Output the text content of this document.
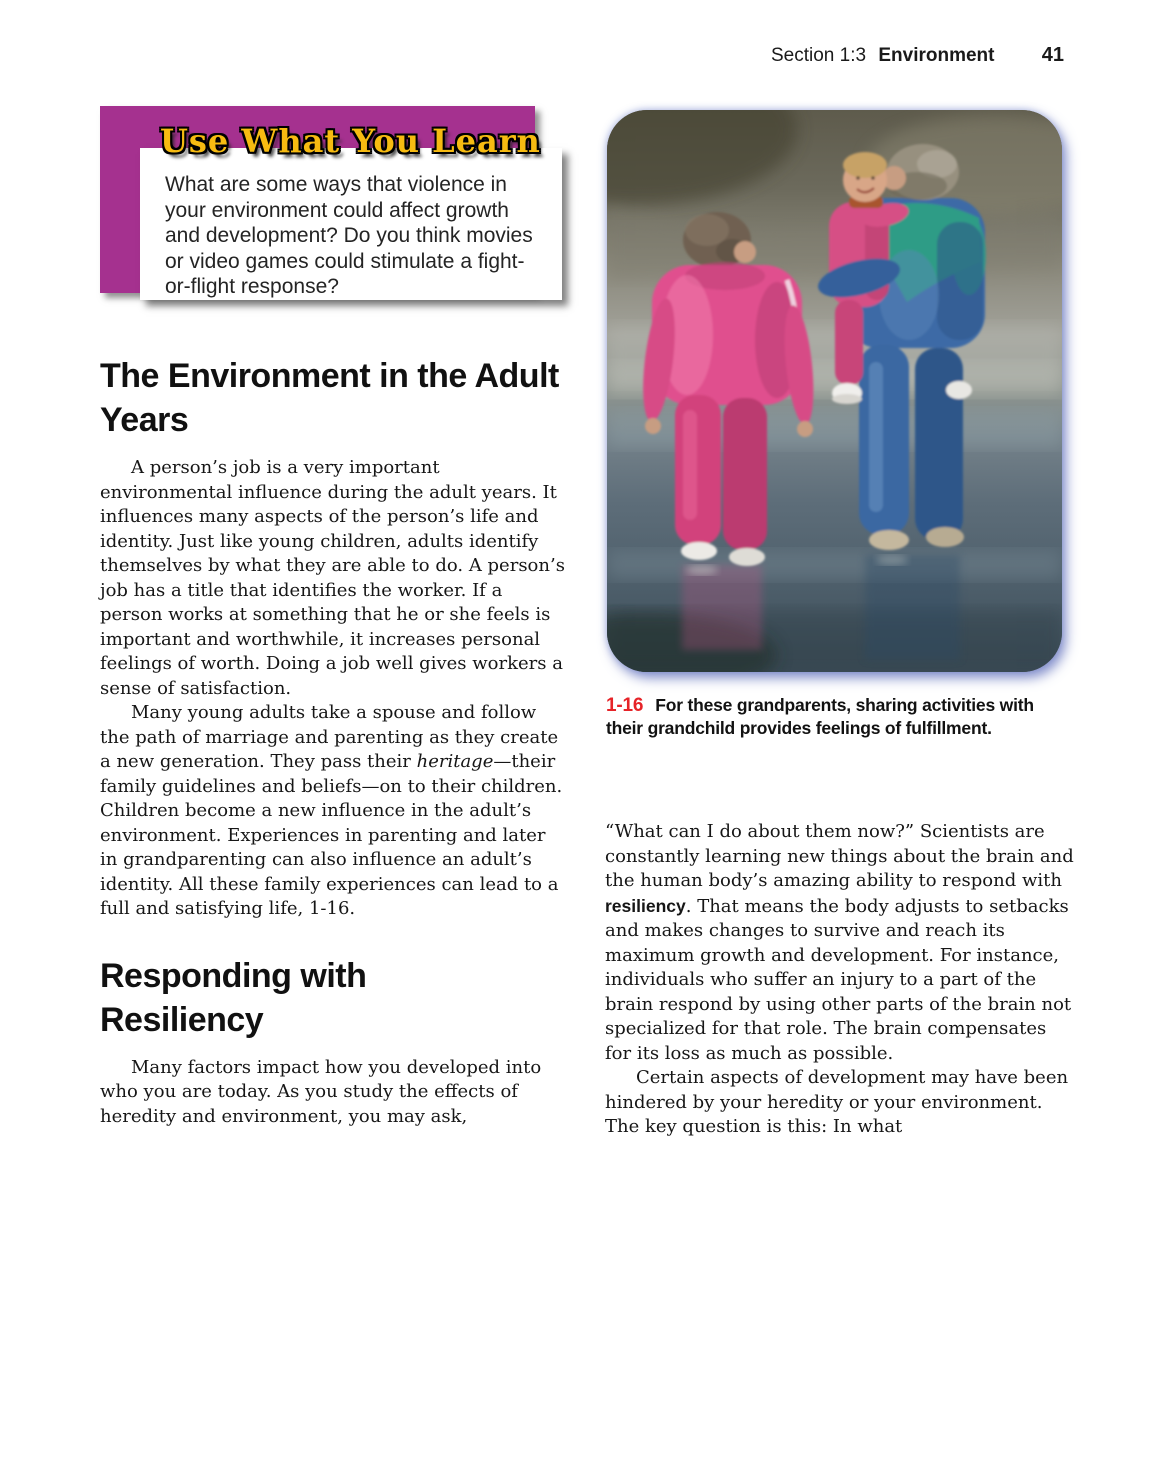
Section 1:3 Environment 41

What are some ways that violence in your environment could affect growth and development? Do you think movies or video games could stimulate a fight-or-flight response?

Use What You Learn
The Environment in the Adult Years

A person’s job is a very important environmental influence during the adult years. It influences many aspects of the person’s life and identity. Just like young children, adults identify themselves by what they are able to do. A person’s job has a title that identifies the worker. If a person works at something that he or she feels is important and worthwhile, it increases personal feelings of worth. Doing a job well gives workers a sense of satisfaction.

Many young adults take a spouse and follow the path of marriage and parenting as they create a new generation. They pass their heritage—their family guidelines and beliefs—on to their children. Children become a new influence in the adult’s environment. Experiences in parenting and later in grandparenting can also influence an adult’s identity. All these family experiences can lead to a full and satisfying life, 1-16.

Responding with Resiliency

Many factors impact how you developed into who you are today. As you study the effects of heredity and environment, you may ask,

1-16 For these grandparents, sharing activities with their grandchild provides feelings of fulfillment.

“What can I do about them now?” Scientists are constantly learning new things about the brain and the human body’s amazing ability to respond with resiliency. That means the body adjusts to setbacks and makes changes to survive and reach its maximum growth and development. For instance, individuals who suffer an injury to a part of the brain respond by using other parts of the brain not specialized for that role. The brain compensates for its loss as much as possible.

Certain aspects of development may have been hindered by your heredity or your environment. The key question is this: In what
